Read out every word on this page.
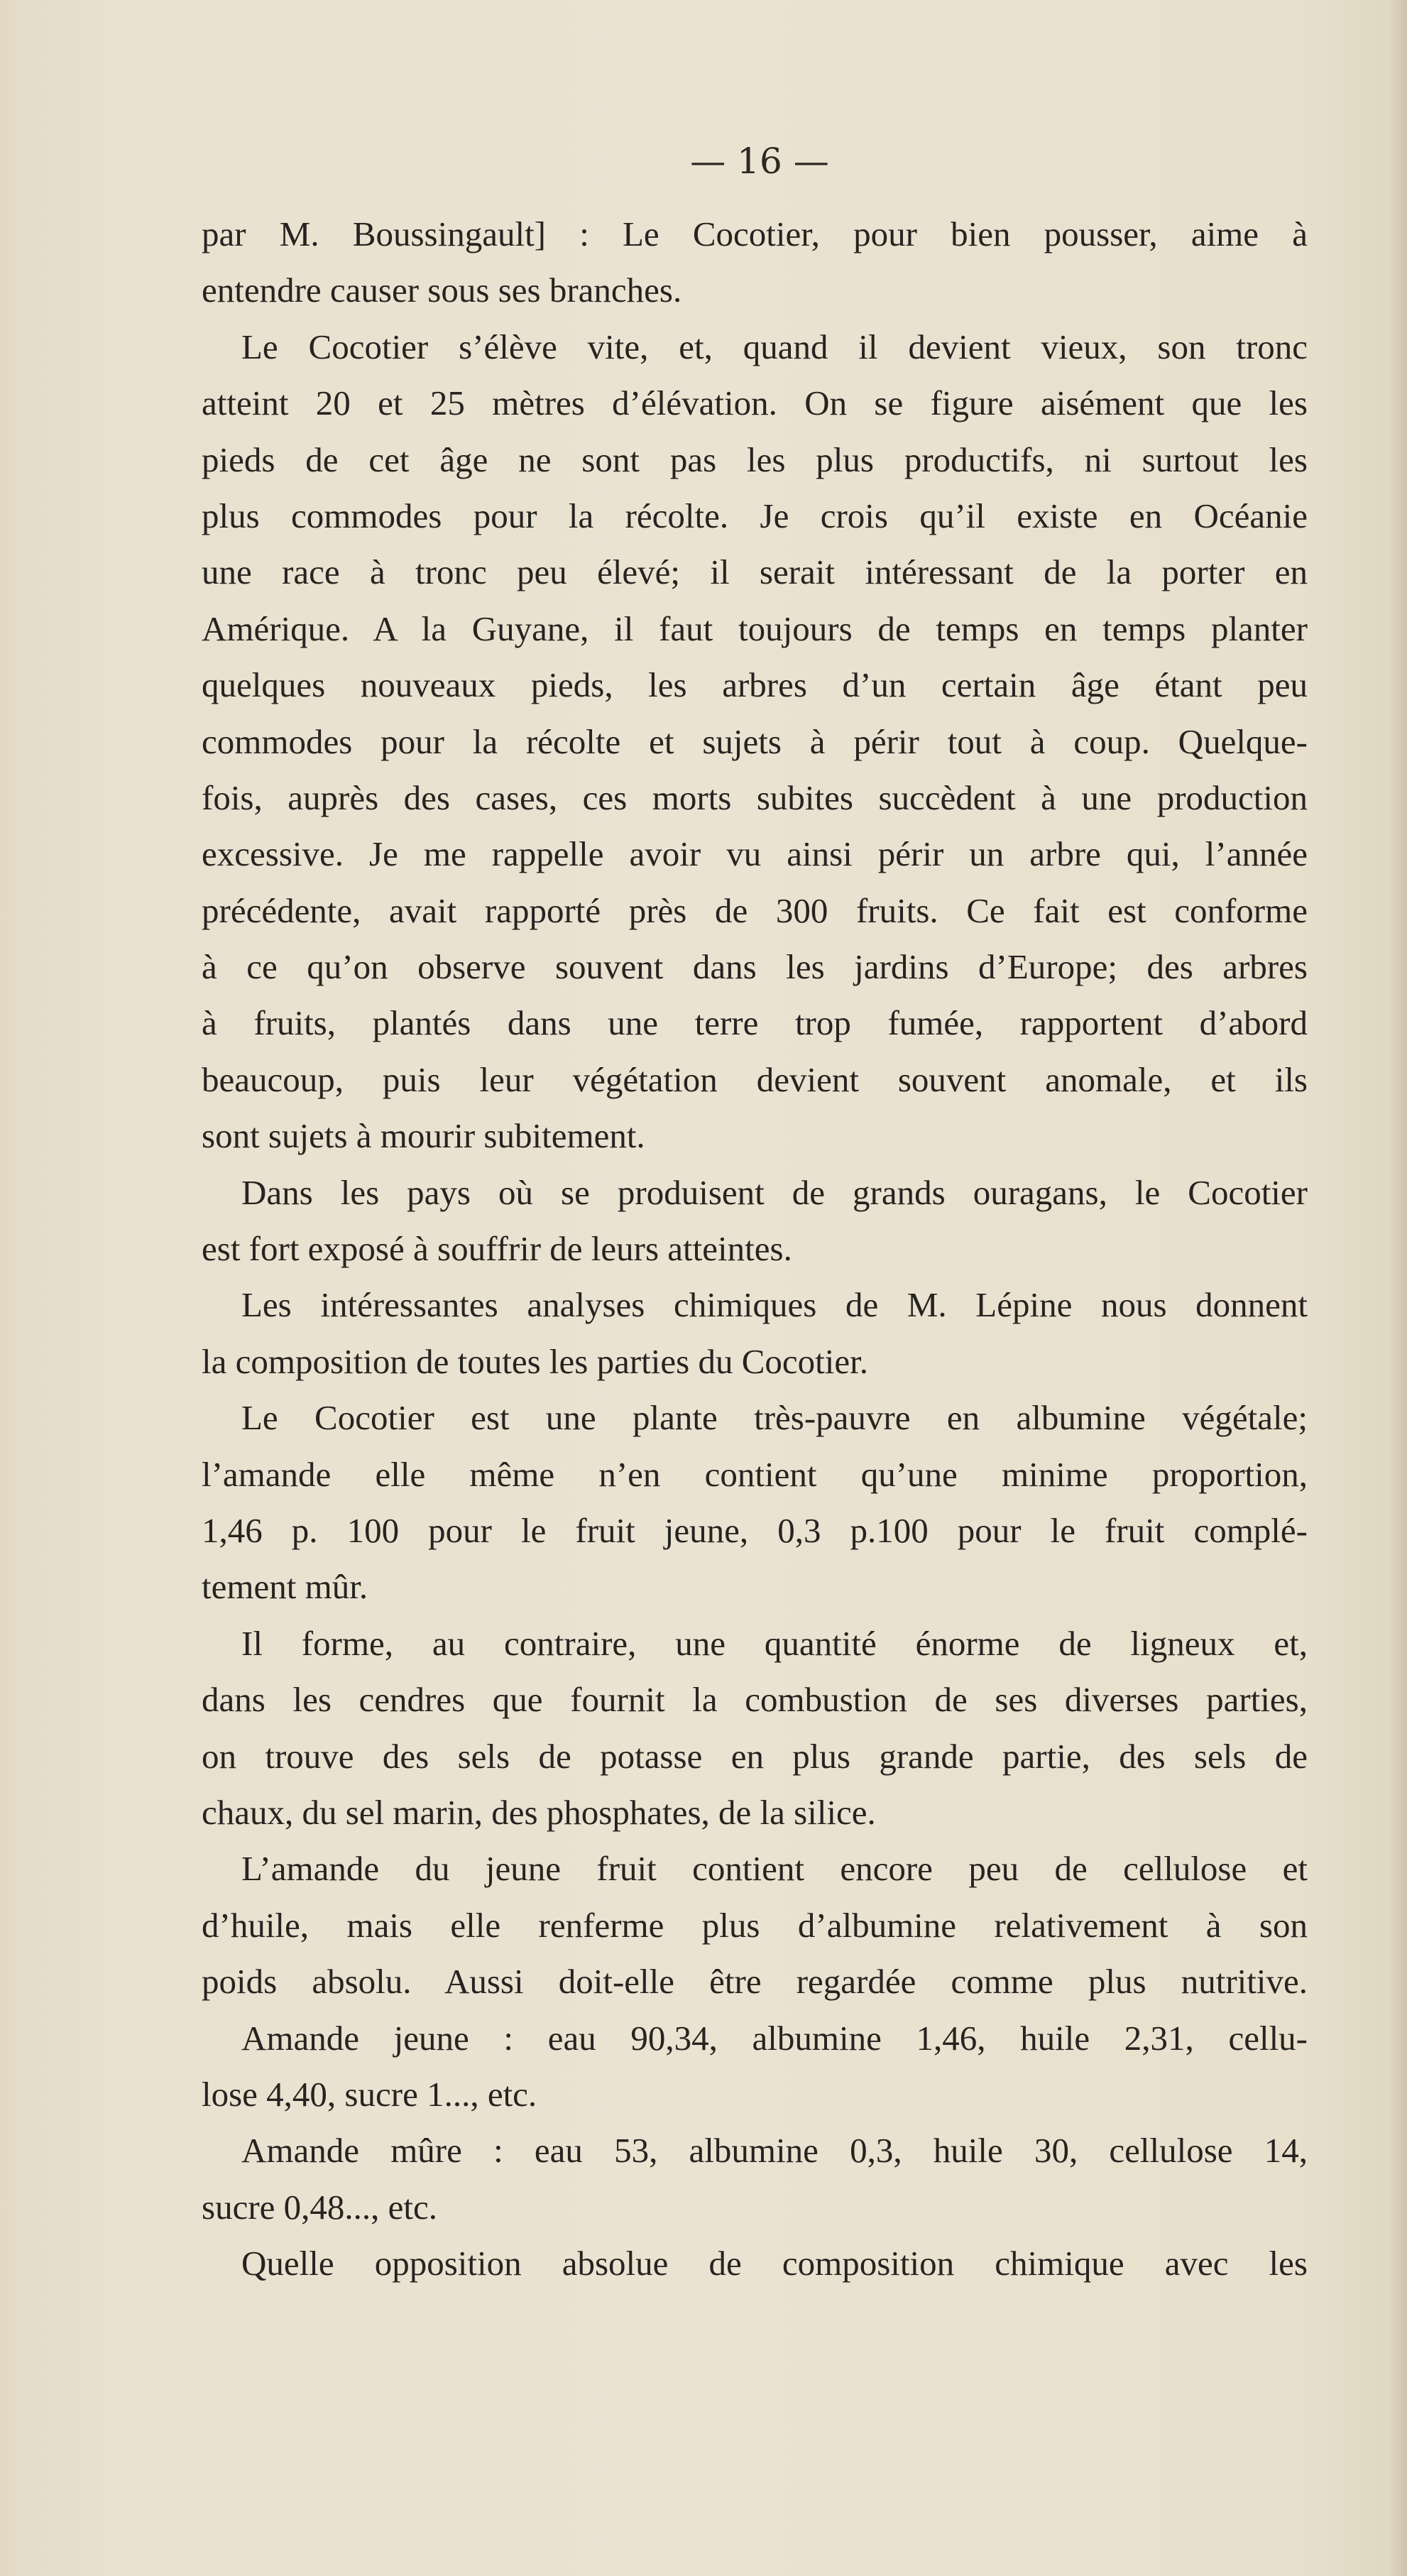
— 16 —
par M. Boussingault] : Le Cocotier, pour bien pousser, aime à
entendre causer sous ses branches.
Le Cocotier s’élève vite, et, quand il devient vieux, son tronc
atteint 20 et 25 mètres d’élévation. On se figure aisément que les
pieds de cet âge ne sont pas les plus productifs, ni surtout les
plus commodes pour la récolte. Je crois qu’il existe en Océanie
une race à tronc peu élevé; il serait intéressant de la porter en
Amérique. A la Guyane, il faut toujours de temps en temps planter
quelques nouveaux pieds, les arbres d’un certain âge étant peu
commodes pour la récolte et sujets à périr tout à coup. Quelque-
fois, auprès des cases, ces morts subites succèdent à une production
excessive. Je me rappelle avoir vu ainsi périr un arbre qui, l’année
précédente, avait rapporté près de 300 fruits. Ce fait est conforme
à ce qu’on observe souvent dans les jardins d’Europe; des arbres
à fruits, plantés dans une terre trop fumée, rapportent d’abord
beaucoup, puis leur végétation devient souvent anomale, et ils
sont sujets à mourir subitement.
Dans les pays où se produisent de grands ouragans, le Cocotier
est fort exposé à souffrir de leurs atteintes.
Les intéressantes analyses chimiques de M. Lépine nous donnent
la composition de toutes les parties du Cocotier.
Le Cocotier est une plante très-pauvre en albumine végétale;
l’amande elle même n’en contient qu’une minime proportion,
1,46 p. 100 pour le fruit jeune, 0,3 p.100 pour le fruit complé-
tement mûr.
Il forme, au contraire, une quantité énorme de ligneux et,
dans les cendres que fournit la combustion de ses diverses parties,
on trouve des sels de potasse en plus grande partie, des sels de
chaux, du sel marin, des phosphates, de la silice.
L’amande du jeune fruit contient encore peu de cellulose et
d’huile, mais elle renferme plus d’albumine relativement à son
poids absolu. Aussi doit-elle être regardée comme plus nutritive.
Amande jeune : eau 90,34, albumine 1,46, huile 2,31, cellu-
lose 4,40, sucre 1..., etc.
Amande mûre : eau 53, albumine 0,3, huile 30, cellulose 14,
sucre 0,48..., etc.
Quelle opposition absolue de composition chimique avec les
